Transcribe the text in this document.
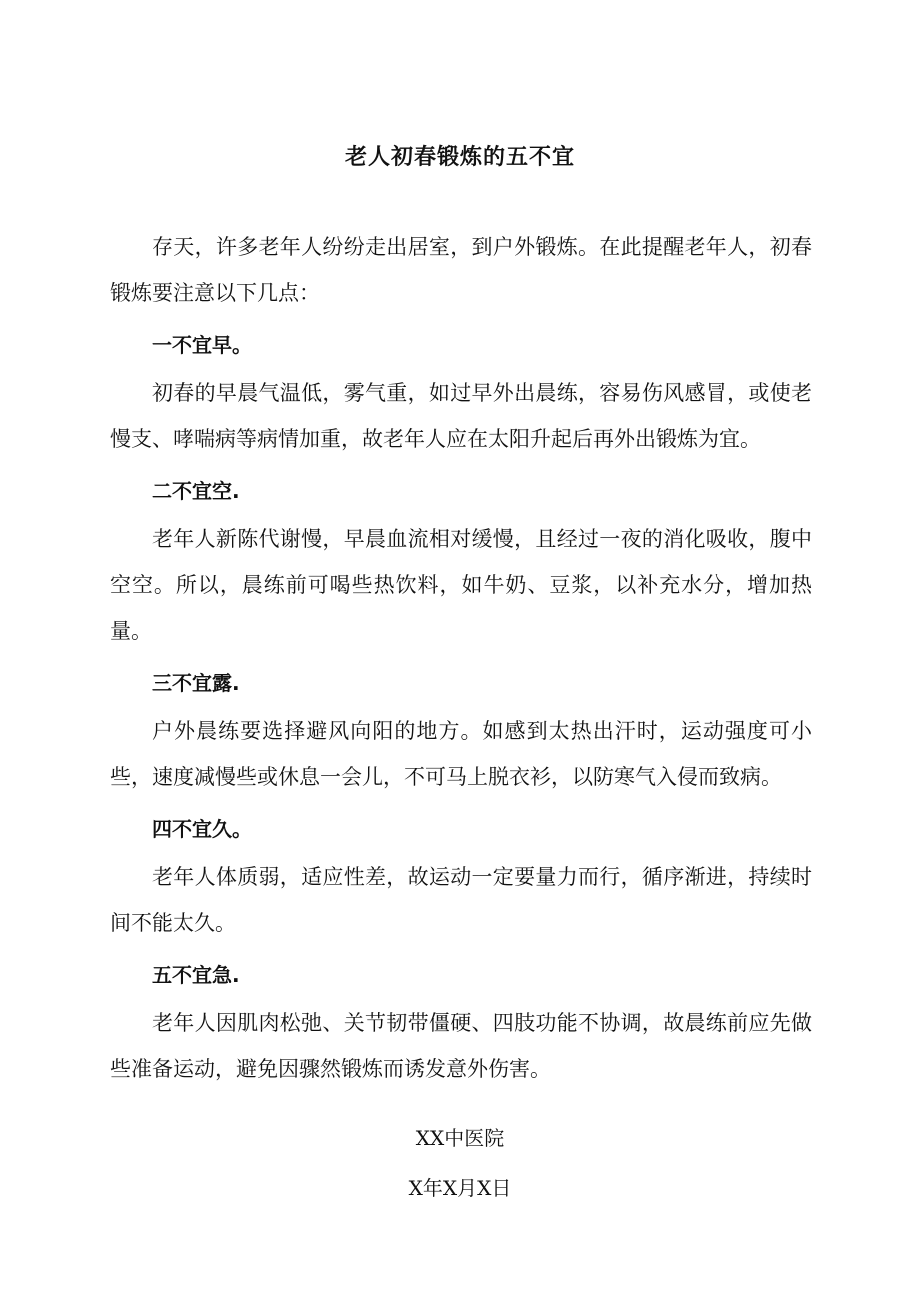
老人初春锻炼的五不宜

存天，许多老年人纷纷走出居室，到户外锻炼。在此提醒老年人，初春锻炼要注意以下几点：

一不宜早。

初春的早晨气温低，雾气重，如过早外出晨练，容易伤风感冒，或使老慢支、哮喘病等病情加重，故老年人应在太阳升起后再外出锻炼为宜。

二不宜空.

老年人新陈代谢慢，早晨血流相对缓慢，且经过一夜的消化吸收，腹中空空。所以，晨练前可喝些热饮料，如牛奶、豆浆，以补充水分，增加热量。

三不宜露.

户外晨练要选择避风向阳的地方。如感到太热出汗时，运动强度可小些，速度减慢些或休息一会儿，不可马上脱衣衫，以防寒气入侵而致病。

四不宜久。

老年人体质弱，适应性差，故运动一定要量力而行，循序渐进，持续时间不能太久。

五不宜急.

老年人因肌肉松弛、关节韧带僵硬、四肢功能不协调，故晨练前应先做些准备运动，避免因骤然锻炼而诱发意外伤害。

XX中医院
X年X月X日
